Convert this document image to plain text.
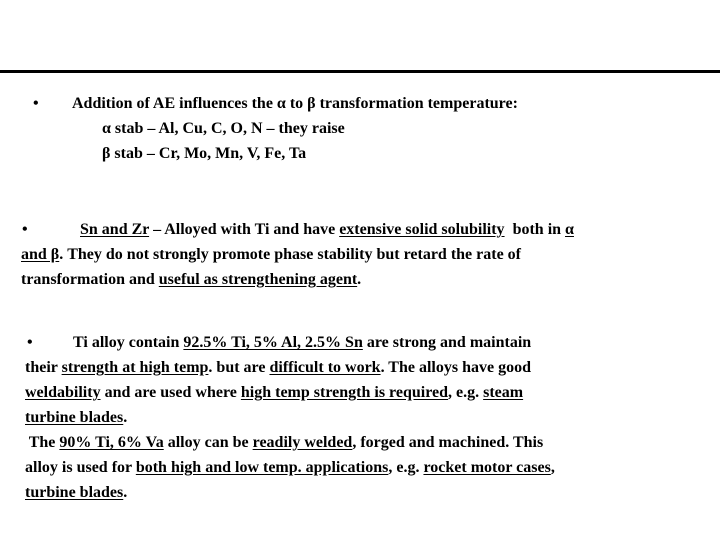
• Addition of AE influences the α to β transformation temperature:
α stab – Al, Cu, C, O, N – they raise
β stab – Cr, Mo, Mn, V, Fe, Ta
•	Sn and Zr – Alloyed with Ti and have extensive solid solubility  both in α
and β. They do not strongly promote phase stability but retard the rate of
transformation and useful as strengthening agent.
•	Ti alloy contain 92.5% Ti, 5% Al, 2.5% Sn are strong and maintain
their strength at high temp. but are difficult to work. The alloys have good
weldability and are used where high temp strength is required, e.g. steam
turbine blades.
The 90% Ti, 6% Va alloy can be readily welded, forged and machined. This
alloy is used for both high and low temp. applications, e.g. rocket motor cases,
turbine blades.
